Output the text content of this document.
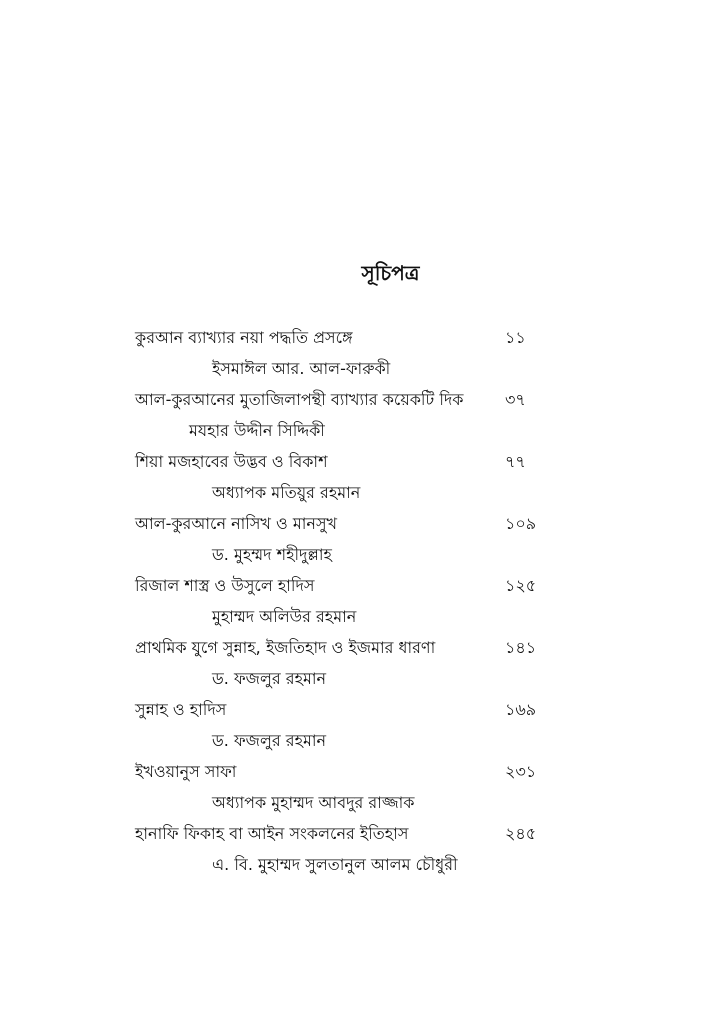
সূচিপত্র
কুরআন ব্যাখ্যার নয়া পদ্ধতি প্রসঙ্গে	১১
ইসমাঈল আর. আল-ফারুকী
আল-কুরআনের মুতাজিলাপন্থী ব্যাখ্যার কয়েকটি দিক	৩৭
মযহার উদ্দীন সিদ্দিকী
শিয়া মজহাবের উদ্ভব ও বিকাশ	৭৭
অধ্যাপক মতিয়ুর রহমান
আল-কুরআনে নাসিখ ও মানসুখ	১০৯
ড. মুহম্মদ শহীদুল্লাহ
রিজাল শাস্ত্র ও উসুলে হাদিস	১২৫
মুহাম্মদ অলিউর রহমান
প্রাথমিক যুগে সুন্নাহ, ইজতিহাদ ও ইজমার ধারণা	১৪১
ড. ফজলুর রহমান
সুন্নাহ ও হাদিস	১৬৯
ড. ফজলুর রহমান
ইখওয়ানুস সাফা	২৩১
অধ্যাপক মুহাম্মদ আবদুর রাজ্জাক
হানাফি ফিকাহ বা আইন সংকলনের ইতিহাস	২৪৫
এ. বি. মুহাম্মদ সুলতানুল আলম চৌধুরী
